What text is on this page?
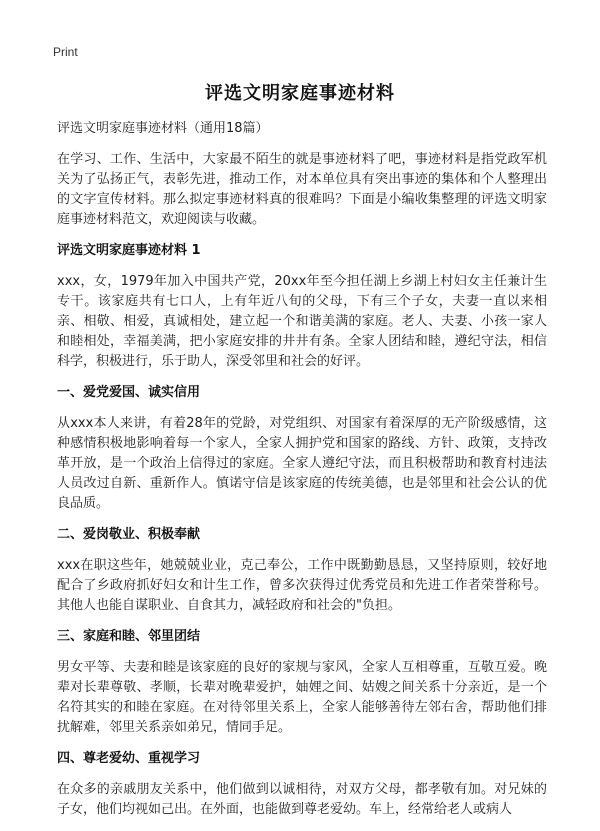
Print
评选文明家庭事迹材料
评选文明家庭事迹材料（通用18篇）
在学习、工作、生活中，大家最不陌生的就是事迹材料了吧，事迹材料是指党政军机关为了弘扬正气，表彰先进，推动工作，对本单位具有突出事迹的集体和个人整理出的文字宣传材料。那么拟定事迹材料真的很难吗？下面是小编收集整理的评选文明家庭事迹材料范文，欢迎阅读与收藏。
评选文明家庭事迹材料 1
xxx，女，1979年加入中国共产党，20xx年至今担任湖上乡湖上村妇女主任兼计生专干。该家庭共有七口人，上有年近八旬的父母，下有三个子女，夫妻一直以来相亲、相敬、相爱，真诚相处，建立起一个和谐美满的家庭。老人、夫妻、小孩一家人和睦相处，幸福美满，把小家庭安排的井井有条。全家人团结和睦，遵纪守法，相信科学，积极进行，乐于助人，深受邻里和社会的好评。
一、爱党爱国、诚实信用
从xxx本人来讲，有着28年的党龄，对党组织、对国家有着深厚的无产阶级感情，这种感情积极地影响着每一个家人，全家人拥护党和国家的路线、方针、政策，支持改革开放，是一个政治上信得过的家庭。全家人遵纪守法，而且积极帮助和教育村违法人员改过自新、重新作人。慎诺守信是该家庭的传统美德，也是邻里和社会公认的优良品质。
二、爱岗敬业、积极奉献
xxx在职这些年，她兢兢业业，克己奉公，工作中既勤勤恳恳，又坚持原则，较好地配合了乡政府抓好妇女和计生工作，曾多次获得过优秀党员和先进工作者荣誉称号。其他人也能自谋职业、自食其力，减轻政府和社会的"负担。
三、家庭和睦、邻里团结
男女平等、夫妻和睦是该家庭的良好的家规与家风，全家人互相尊重，互敬互爱。晚辈对长辈尊敬、孝顺，长辈对晚辈爱护，妯娌之间、姑嫂之间关系十分亲近，是一个名符其实的和睦在家庭。在对待邻里关系上，全家人能够善待左邻右舍，帮助他们排扰解难，邻里关系亲如弟兄，情同手足。
四、尊老爱幼、重视学习
在众多的亲戚朋友关系中，他们做到以诚相待，对双方父母，都孝敬有加。对兄妹的子女，他们均视如己出。在外面，也能做到尊老爱幼。车上，经常给老人或病人
